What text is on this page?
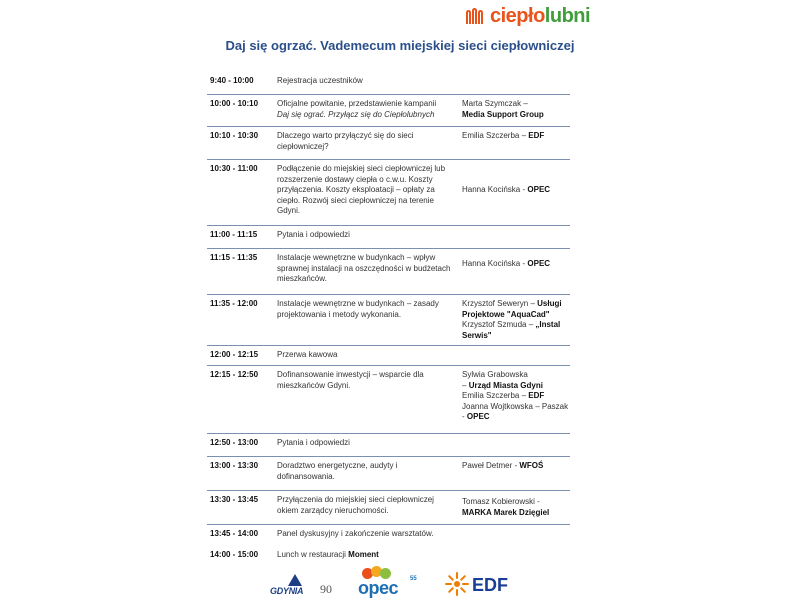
ciepło lubni
Daj się ogrzać. Vademecum miejskiej sieci ciepłowniczej
9:40 - 10:00	Rejestracja uczestników
10:00 - 10:10 Oficjalne powitanie, przedstawienie kampanii
Daj się ograć. Przyłącz się do Ciepłolubnych
Marta Szymczak –
Media Support Group
10:10 - 10:30 Dlaczego warto przyłączyć się do sieci ciepłowniczej?
Emilia Szczerba – EDF
10:30 - 11:00 Podłączenie do miejskiej sieci ciepłowniczej lub rozszerzenie dostawy ciepła o c.w.u. Koszty przyłączenia. Koszty eksploatacji – opłaty za ciepło. Rozwój sieci ciepłowniczej na terenie Gdyni.
Hanna Kocińska - OPEC
11:00 - 11:15 Pytania i odpowiedzi
11:15 - 11:35 Instalacje wewnętrzne w budynkach – wpływ sprawnej instalacji na oszczędności w budżetach mieszkańców.
Hanna Kocińska - OPEC
11:35 - 12:00 Instalacje wewnętrzne w budynkach – zasady projektowania i metody wykonania.
Krzysztof Seweryn – Usługi
Projektowe "AquaCad"
Krzysztof Szmuda – „Instal
Serwis"
12:00 - 12:15 Przerwa kawowa
12:15 - 12:50 Dofinansowanie inwestycji – wsparcie dla mieszkańców Gdyni.
Sylwia Grabowska
– Urząd Miasta Gdyni
Emilia Szczerba – EDF
Joanna Wojtkowska – Paszak
- OPEC
12:50 - 13:00 Pytania i odpowiedzi
13:00 - 13:30 Doradztwo energetyczne, audyty i dofinansowania.
Paweł Detmer - WFOŚ
13:30 - 13:45 Przyłączenia do miejskiej sieci ciepłowniczej okiem zarządcy nieruchomości.
Tomasz Kobierowski -
MARKA Marek Dzięgiel
13:45 - 14:00 Panel dyskusyjny i zakończenie warsztatów.
14:00 - 15:00 Lunch w restauracji Moment
GDYNIA 90 opec 55	EDF
